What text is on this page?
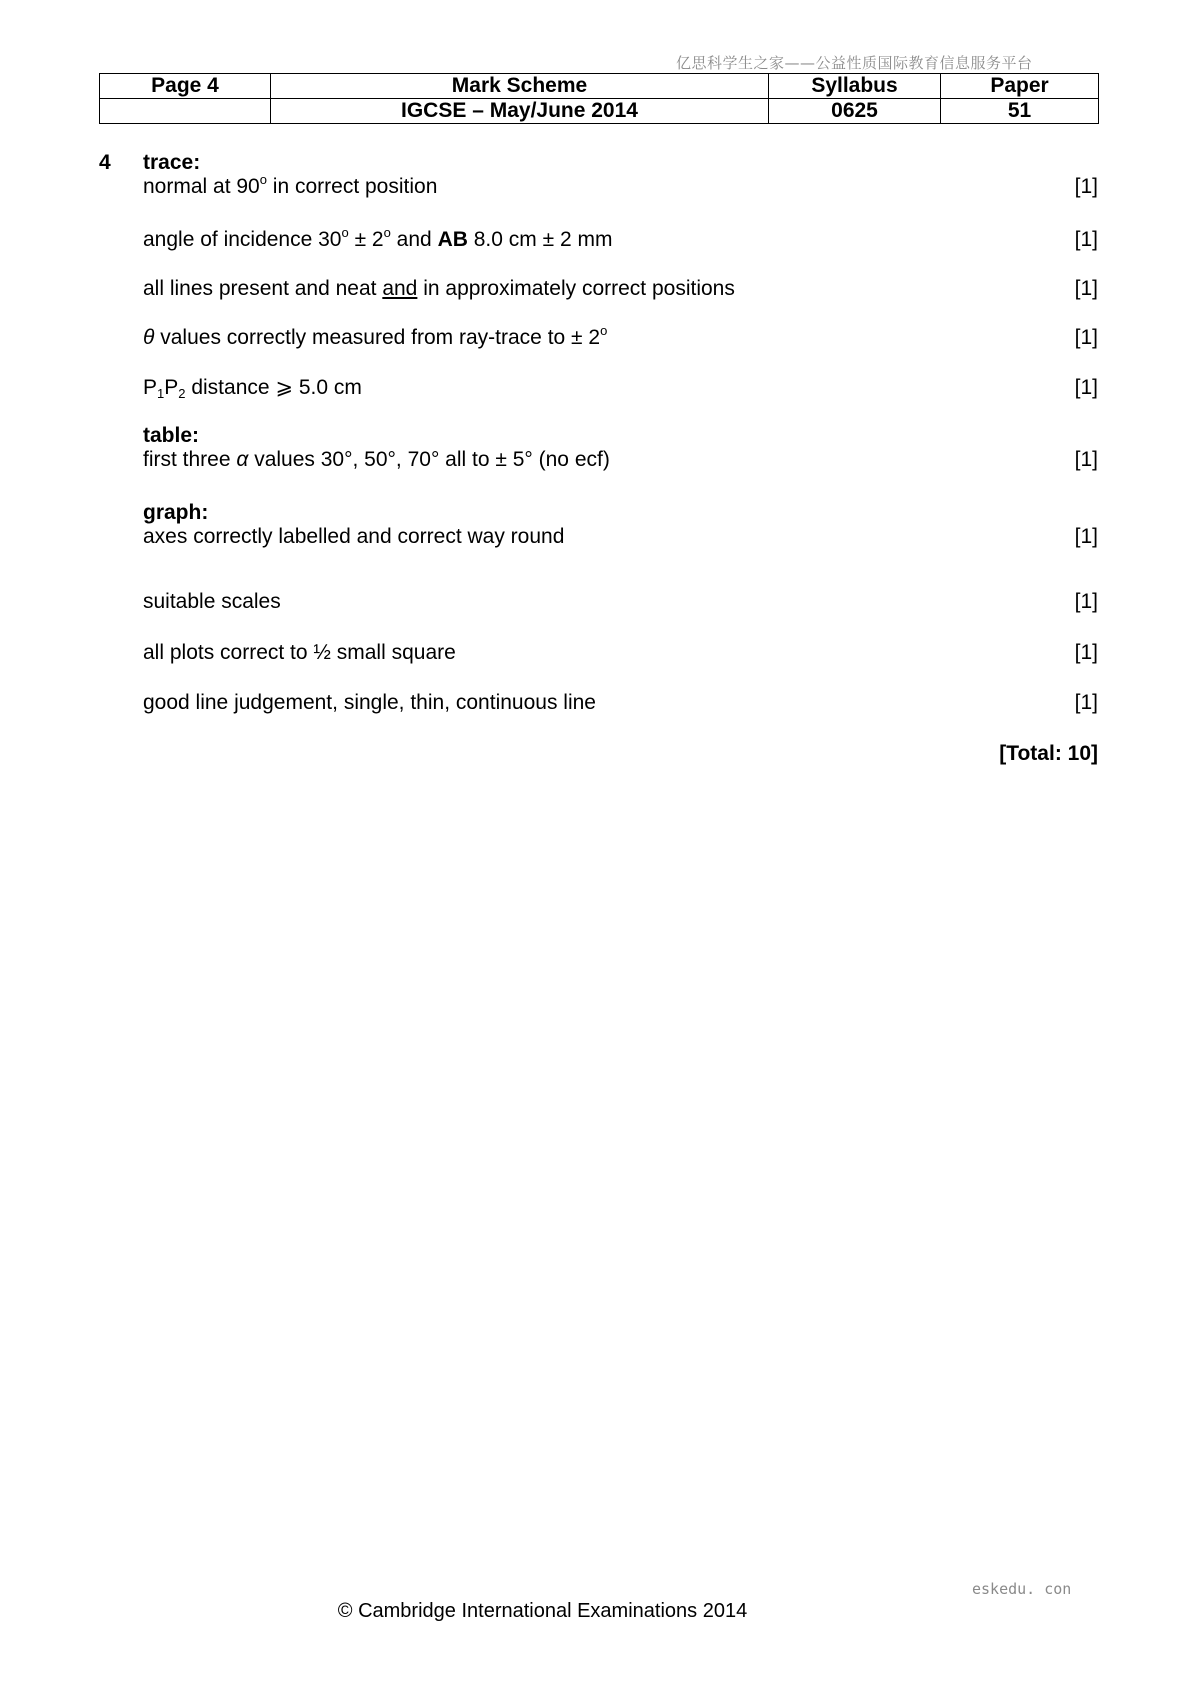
亿思科学生之家——公益性质国际教育信息服务平台
Page 4	Mark Scheme	Syllabus	Paper
	IGCSE – May/June 2014	0625	51
4 trace:
normal at 90$^o$ in correct position	[1]
angle of incidence $30^o \pm 2^o$ and AB 8.0 cm ± 2 mm	[1]
all lines present and neat and in approximately correct positions	[1]
θ values correctly measured from ray-trace to ± $2^o$	[1]
$P_1P_2$ distance ⩾ 5.0 cm	[1]
table:
first three α values 30°, 50°, 70° all to ± 5° (no ecf)	[1]
graph:
axes correctly labelled and correct way round	[1]
suitable scales	[1]
all plots correct to ½ small square	[1]
good line judgement, single, thin, continuous line	[1]
[Total: 10]
eskedu. con
© Cambridge International Examinations 2014
